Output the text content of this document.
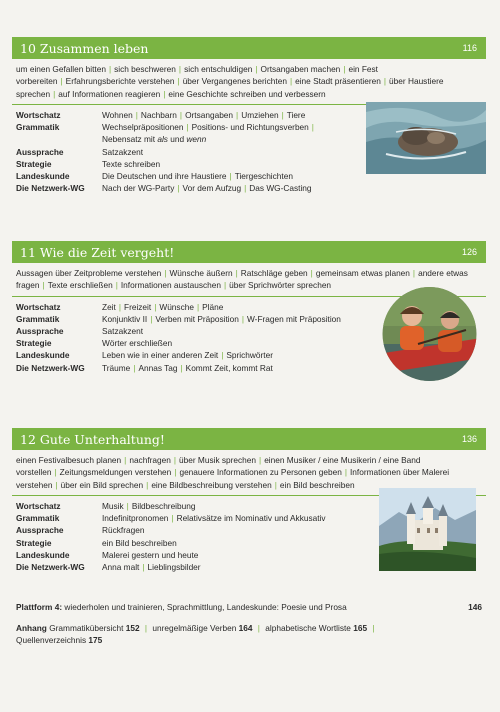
10 Zusammen leben	116
um einen Gefallen bitten | sich beschweren | sich entschuldigen | Ortsangaben machen | ein Fest vorbereiten | Erfahrungsberichte verstehen | über Vergangenes berichten | eine Stadt präsentieren | über Haustiere sprechen | auf Informationen reagieren | eine Geschichte schreiben und verbessern
Wortschatz	Wohnen | Nachbarn | Ortsangaben | Umziehen | Tiere
Grammatik	Wechselpräpositionen | Positions- und Richtungsverben |
Nebensatz mit als und wenn
Aussprache	Satzakzent
Strategie	Texte schreiben
Landeskunde	Die Deutschen und ihre Haustiere | Tiergeschichten
Die Netzwerk-WG	Nach der WG-Party | Vor dem Aufzug | Das WG-Casting
11 Wie die Zeit vergeht!	126
Aussagen über Zeitprobleme verstehen | Wünsche äußern | Ratschläge geben | gemeinsam etwas planen | andere etwas fragen | Texte erschließen | Informationen austauschen | über Sprichwörter sprechen
Wortschatz	Zeit | Freizeit | Wünsche | Pläne
Grammatik	Konjunktiv II | Verben mit Präposition | W-Fragen mit Präposition
Aussprache	Satzakzent
Strategie	Wörter erschließen
Landeskunde	Leben wie in einer anderen Zeit | Sprichwörter
Die Netzwerk-WG	Träume | Annas Tag | Kommt Zeit, kommt Rat
12 Gute Unterhaltung!	136
einen Festivalbesuch planen | nachfragen | über Musik sprechen | einen Musiker / eine Musikerin / eine Band vorstellen | Zeitungsmeldungen verstehen | genauere Informationen zu Personen geben | Informationen über Malerei verstehen | über ein Bild sprechen | eine Bildbeschreibung verstehen | ein Bild beschreiben
Wortschatz	Musik | Bildbeschreibung
Grammatik	Indefinitpronomen | Relativsätze im Nominativ und Akkusativ
Aussprache	Rückfragen
Strategie	ein Bild beschreiben
Landeskunde	Malerei gestern und heute
Die Netzwerk-WG	Anna malt | Lieblingsbilder
Plattform 4: wiederholen und trainieren, Sprachmittlung, Landeskunde: Poesie und Prosa	146
Anhang Grammatikübersicht 152 | unregelmäßige Verben 164 | alphabetische Wortliste 165 | Quellenverzeichnis 175
